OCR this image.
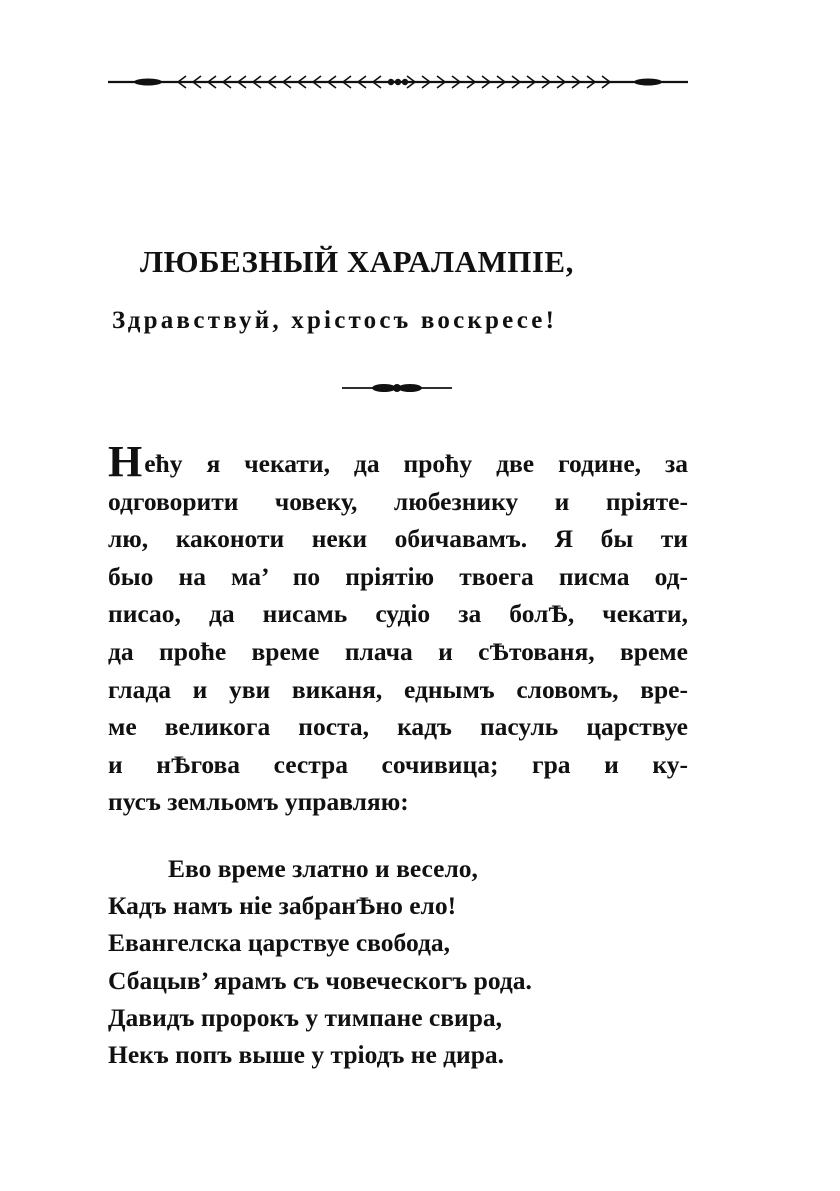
ЛЮБЕЗНЫЙ ХАРАЛАМПІЕ,
Здравствуй, хрістосъ воскресе!
Неħу я чекати, да проħу две године, за
одговорити човеку, любезнику и пріяте-
лю, каконоти неки обичавамъ. Я бы ти
быо на ма’ по пріятію твоега писма од-
писао, да нисамь судіо за болѢ, чекати,
да проħе време плача и сѢтованя, време
глада и уви виканя, еднымъ словомъ, вре-
ме великога поста, кадъ пасуль царствуе
и нѢгова сестра сочивица; гра и ку-
пусъ земльомъ управляю:
Ево време златно и весело,
Кадъ намъ ніе забранѢно ело!
Евангелска царствуе свобода,
Сбацыв’ ярамъ съ човеческогъ рода.
Давидъ пророкъ у тимпане свира,
Некъ попъ выше у тріодъ не дира.
